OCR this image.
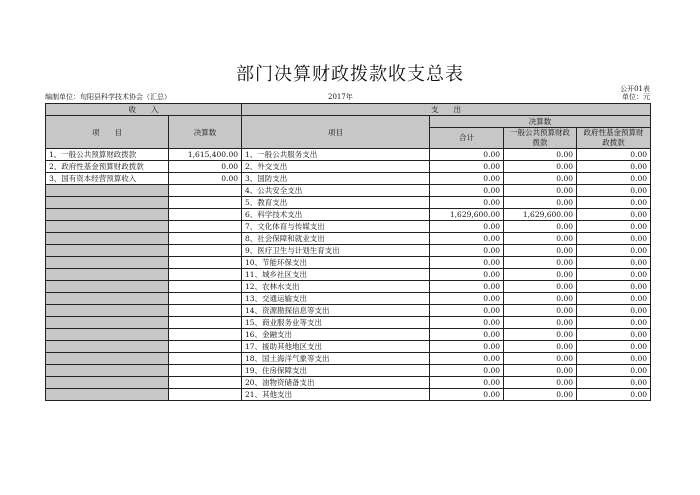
部门决算财政拨款收支总表
公开01表
编制单位：旬阳县科学技术协会（汇总）	2017年	单位：元
收　　入		支　　出			
项　　目	决算数	项目	决算数		
			合计	一般公共预算财政拨款	政府性基金预算财政拨款

1、一般公共预算财政拨款	1,615,400.00	1、一般公共服务支出	0.00	0.00	0.00
2、政府性基金预算财政拨款	0.00	2、外交支出	0.00	0.00	0.00
3、国有资本经营预算收入	0.00	3、国防支出	0.00	0.00	0.00
		4、公共安全支出	0.00	0.00	0.00
		5、教育支出	0.00	0.00	0.00
		6、科学技术支出	1,629,600.00	1,629,600.00	0.00
		7、文化体育与传媒支出	0.00	0.00	0.00
		8、社会保障和就业支出	0.00	0.00	0.00
		9、医疗卫生与计划生育支出	0.00	0.00	0.00
		10、节能环保支出	0.00	0.00	0.00
		11、城乡社区支出	0.00	0.00	0.00
		12、农林水支出	0.00	0.00	0.00
		13、交通运输支出	0.00	0.00	0.00
		14、资源勘探信息等支出	0.00	0.00	0.00
		15、商业服务业等支出	0.00	0.00	0.00
		16、金融支出	0.00	0.00	0.00
		17、援助其他地区支出	0.00	0.00	0.00
		18、国土海洋气象等支出	0.00	0.00	0.00
		19、住房保障支出	0.00	0.00	0.00
		20、油物资储备支出	0.00	0.00	0.00
		21、其他支出	0.00	0.00	0.00
